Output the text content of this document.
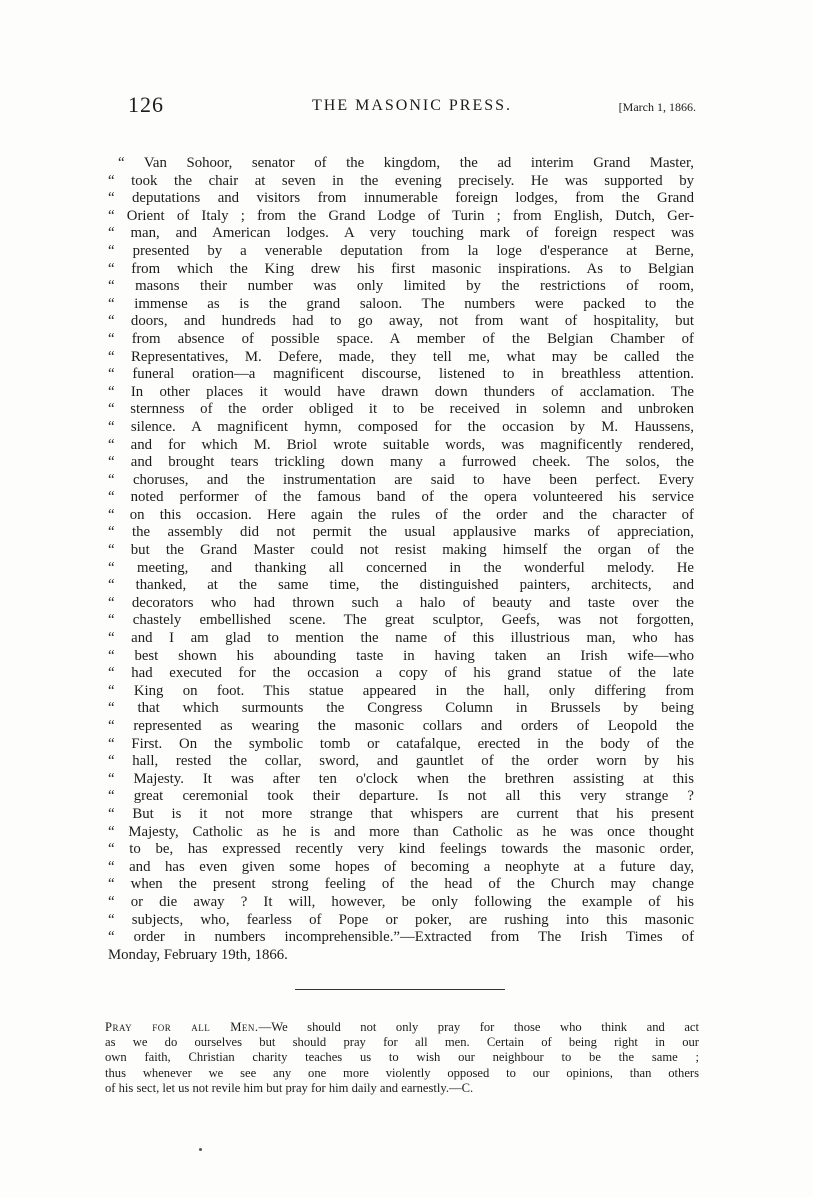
126	THE MASONIC PRESS.	[March 1, 1866.
“ Van Sohoor, senator of the kingdom, the ad interim Grand Master,
“ took the chair at seven in the evening precisely. He was supported by
“ deputations and visitors from innumerable foreign lodges, from the Grand
“ Orient of Italy ; from the Grand Lodge of Turin ; from English, Dutch, Ger-
“ man, and American lodges. A very touching mark of foreign respect was
“ presented by a venerable deputation from la loge d'esperance at Berne,
“ from which the King drew his first masonic inspirations. As to Belgian
“ masons their number was only limited by the restrictions of room,
“ immense as is the grand saloon. The numbers were packed to the
“ doors, and hundreds had to go away, not from want of hospitality, but
“ from absence of possible space. A member of the Belgian Chamber of
“ Representatives, M. Defere, made, they tell me, what may be called the
“ funeral oration—a magnificent discourse, listened to in breathless attention.
“ In other places it would have drawn down thunders of acclamation. The
“ sternness of the order obliged it to be received in solemn and unbroken
“ silence. A magnificent hymn, composed for the occasion by M. Haussens,
“ and for which M. Briol wrote suitable words, was magnificently rendered,
“ and brought tears trickling down many a furrowed cheek. The solos, the
“ choruses, and the instrumentation are said to have been perfect. Every
“ noted performer of the famous band of the opera volunteered his service
“ on this occasion. Here again the rules of the order and the character of
“ the assembly did not permit the usual applausive marks of appreciation,
“ but the Grand Master could not resist making himself the organ of the
“ meeting, and thanking all concerned in the wonderful melody. He
“ thanked, at the same time, the distinguished painters, architects, and
“ decorators who had thrown such a halo of beauty and taste over the
“ chastely embellished scene. The great sculptor, Geefs, was not forgotten,
“ and I am glad to mention the name of this illustrious man, who has
“ best shown his abounding taste in having taken an Irish wife—who
“ had executed for the occasion a copy of his grand statue of the late
“ King on foot. This statue appeared in the hall, only differing from
“ that which surmounts the Congress Column in Brussels by being
“ represented as wearing the masonic collars and orders of Leopold the
“ First. On the symbolic tomb or catafalque, erected in the body of the
“ hall, rested the collar, sword, and gauntlet of the order worn by his
“ Majesty. It was after ten o'clock when the brethren assisting at this
“ great ceremonial took their departure. Is not all this very strange ?
“ But is it not more strange that whispers are current that his present
“ Majesty, Catholic as he is and more than Catholic as he was once thought
“ to be, has expressed recently very kind feelings towards the masonic order,
“ and has even given some hopes of becoming a neophyte at a future day,
“ when the present strong feeling of the head of the Church may change
“ or die away ? It will, however, be only following the example of his
“ subjects, who, fearless of Pope or poker, are rushing into this masonic
“ order in numbers incomprehensible.”—Extracted from The Irish Times of
Monday, February 19th, 1866.
Pray for all Men.—We should not only pray for those who think and act
as we do ourselves but should pray for all men. Certain of being right in our
own faith, Christian charity teaches us to wish our neighbour to be the same ;
thus whenever we see any one more violently opposed to our opinions, than others
of his sect, let us not revile him but pray for him daily and earnestly.—C.
